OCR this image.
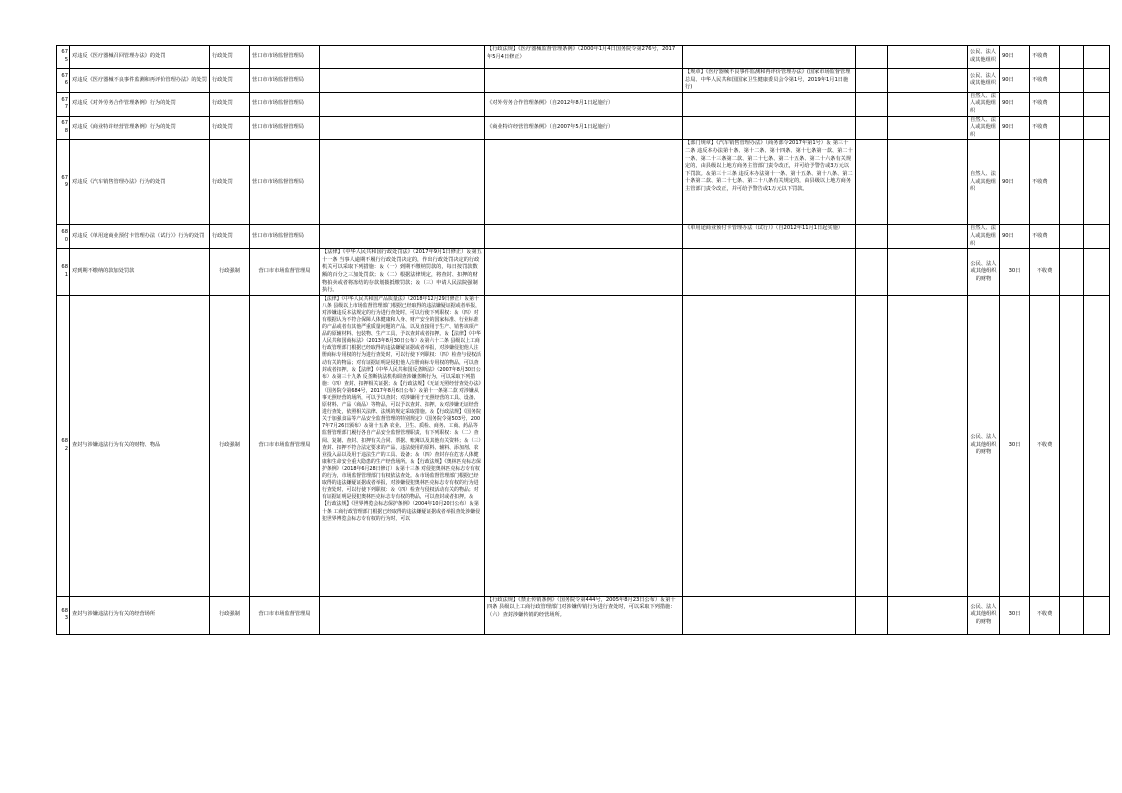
675	对违反《医疗器械召回管理办法》的处罚	行政处罚	营口市市场监督管理局		【行政法规】《医疗器械监督管理条例》（2000年1月4日国务院令第276号，2017年5月4日修正）				公民、法人或其他组织	90日	不收费		
676	对违反《医疗器械不良事件监测和再评价管理办法》的处罚	行政处罚	营口市市场监督管理局			【规章】《医疗器械不良事件监测和再评价管理办法》(国家市场监督管理总局、中华人民共和国国家卫生健康委员会令第1号，2019年1月1日施行)			公民、法人或其他组织	90日	不收费		
677	对违反《对外劳务合作管理条例》行为的处罚	行政处罚	营口市市场监督管理局		《对外劳务合作管理条例》（自2012年8月1日起施行）				自然人、法人或其他组织	90日	不收费		
678	对违反《商业特许经营管理条例》行为的处罚	行政处罚	营口市市场监督管理局		《商业特许经营管理条例》（自2007年5月1日起施行）				自然人、法人或其他组织	90日	不收费		
679	对违反《汽车销售管理办法》行为的处罚	行政处罚	营口市市场监督管理局			【部门规章】《汽车销售管理办法》（商务部令2017年第1号）＆ 第三十二条 违反本办法第十条、第十二条、第十四条、第十七条第一款、第二十一条、第二十三条第二款、第二十七条、第二十五条、第二十六条有关规定的，由县级以上地方商务主管部门责令改正，并可给予警告或3万元以下罚款。＆第三十三条 违反本办法第十一条、第十五条、第十八条、第二十条第二款、第二十七条、第二十八条有关规定的，由县级以上地方商务主管部门责令改正，并可给予警告或1万元以下罚款。			自然人、法人或其他组织	90日	不收费		
680	对违反《单用途商业预付卡管理办法（试行）》行为的处罚	行政处罚	营口市市场监督管理局			《单用途商业预付卡管理办法（试行）》（自2012年11月1日起实施）			自然人、法人或其他组织	90日	不收费		
681	对到期不缴纳的款加处罚款	行政强制	营口市市场监督管理局	【法律】《中华人民共和国行政处罚法》（2017年9月1日修正）＆第五十一条 当事人逾期不履行行政处罚决定的，作出行政处罚决定的行政机关可以采取下列措施：＆（一）到期不缴纳罚款的，每日按罚款数额的百分之三加处罚款；＆（二）根据法律规定，将查封、扣押的财物拍卖或者将冻结的存款划拨抵缴罚款；＆（三）申请人民法院强制执行。					公民、法人或其他组织的财物	30日	不收费		
682	查封与涉嫌违法行为有关的财物、物品	行政强制	营口市市场监督管理局	【法律】《中华人民共和国产品质量法》（2018年12月29日修正）＆第十八条 县级以上市场监督管理部门根据已经取得的违法嫌疑证据或者举报，对涉嫌违反本法规定的行为进行查处时，可以行使下列职权：＆（四）对有根据认为不符合保障人体健康和人身、财产安全的国家标准、行业标准的产品或者有其他严重质量问题的产品，以及直接用于生产、销售该项产品的原辅材料、包装物、生产工具，予以查封或者扣押。＆【法律】《中华人民共和国商标法》（2013年8月30日公布）＆第六十二条 县级以上工商行政管理部门根据已经取得的违法嫌疑证据或者举报，对涉嫌侵犯他人注册商标专用权的行为进行查处时，可以行使下列职权：（四）检查与侵权活动有关的物品；对有证据证明是侵犯他人注册商标专用权的物品，可以查封或者扣押。＆【法律】《中华人民共和国反垄断法》（2007年8月30日公布）＆第三十九条 反垄断执法机构调查涉嫌垄断行为，可以采取下列措施：（四）查封、扣押相关证据；＆【行政法规】《无证无照经营查处办法》（国务院令第684号，2017年8月6日公布）＆第十一条第二款 对涉嫌从事无照经营的场所，可以予以查封；对涉嫌用于无照经营的工具、设备、原材料、产品（商品）等物品，可以予以查封、扣押。＆对涉嫌无证经营进行查处，依照相关法律、法规的规定采取措施。＆【行政法规】《国务院关于加强食品等产品安全监督管理的特别规定》（国务院令第503号，2007年7月26日颁布）＆第十五条 农业、卫生、质检、商务、工商、药品等监督管理部门履行各自产品安全监督管理职责，有下列职权：＆（二）查阅、复制、查封、扣押有关合同、票据、账簿以及其他有关资料；＆（三）查封、扣押不符合法定要求的产品，违法使用的原料、辅料、添加剂、农业投入品以及用于违法生产的工具、设备；＆（四）查封存在危害人体健康和生命安全重大隐患的生产经营场所。＆【行政法规】《奥林匹克标志保护条例》（2018年6月28日修订）＆第十三条 对侵犯奥林匹克标志专有权的行为，市场监督管理部门有权依法查处。＆市场监督管理部门根据已经取得的违法嫌疑证据或者举报，对涉嫌侵犯奥林匹克标志专有权的行为进行查处时，可以行使下列职权：＆（四）检查与侵权活动有关的物品；对有证据证明是侵犯奥林匹克标志专有权的物品，可以查封或者扣押。＆【行政法规】《世界博览会标志保护条例》（2004年10月20日公布）＆第十条 工商行政管理部门根据已经取得的违法嫌疑证据或者举报查处涉嫌侵犯世界博览会标志专有权的行为时，可以					公民、法人或其他组织的财物	30日	不收费		
683	查封与涉嫌违法行为有关的经营场所	行政强制	营口市市场监督管理局		【行政法规】《禁止传销条例》（国务院令第444号，2005年8月23日公布）＆第十四条 县级以上工商行政管理部门对涉嫌传销行为进行查处时，可以采取下列措施：（六）查封涉嫌传销的经营场所。				公民、法人或其他组织的财物	30日	不收费		
